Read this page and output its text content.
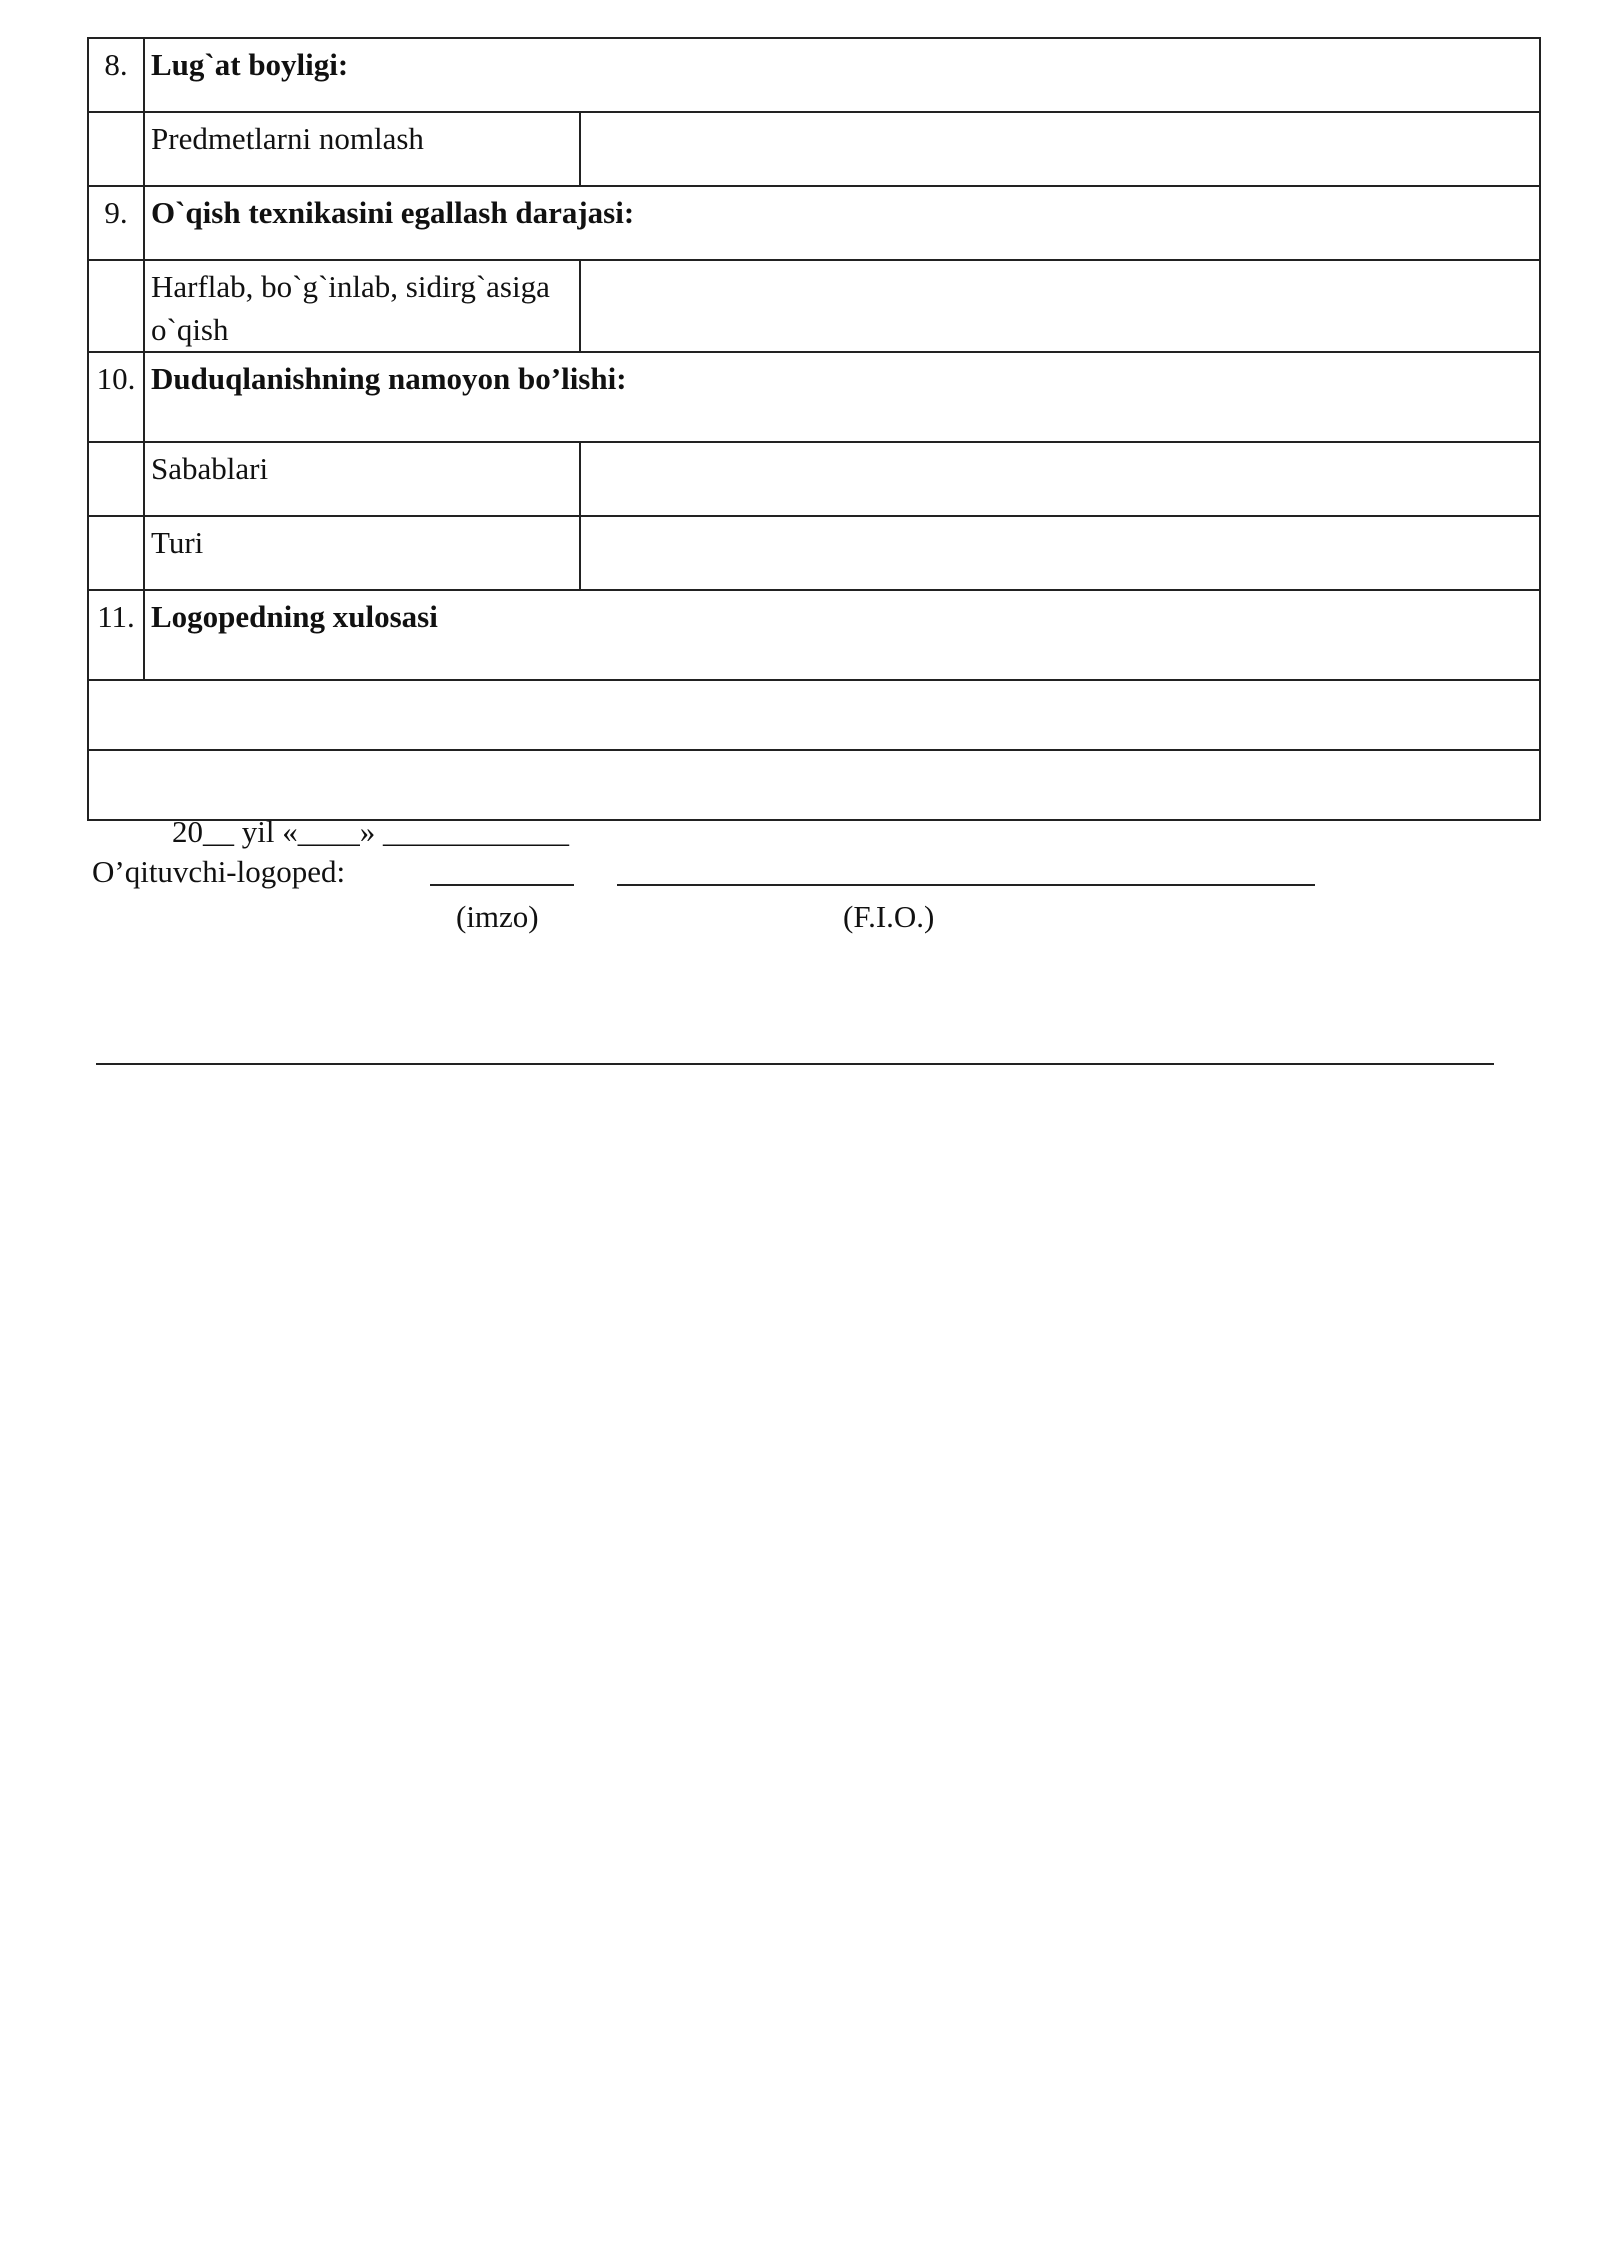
8.	Lug`at boyligi:	
	Predmetlarni nomlash	
9.	O`qish texnikasini egallash darajasi:	
	Harflab, bo`g`inlab, sidirg`asiga o`qish	
10.	Duduqlanishning namoyon bo’lishi:	
	Sabablari	
	Turi	
11.	Logopedning xulosasi	

20__ yil «____» ____________
O’qituvchi-logoped:
(imzo)	(F.I.O.)
